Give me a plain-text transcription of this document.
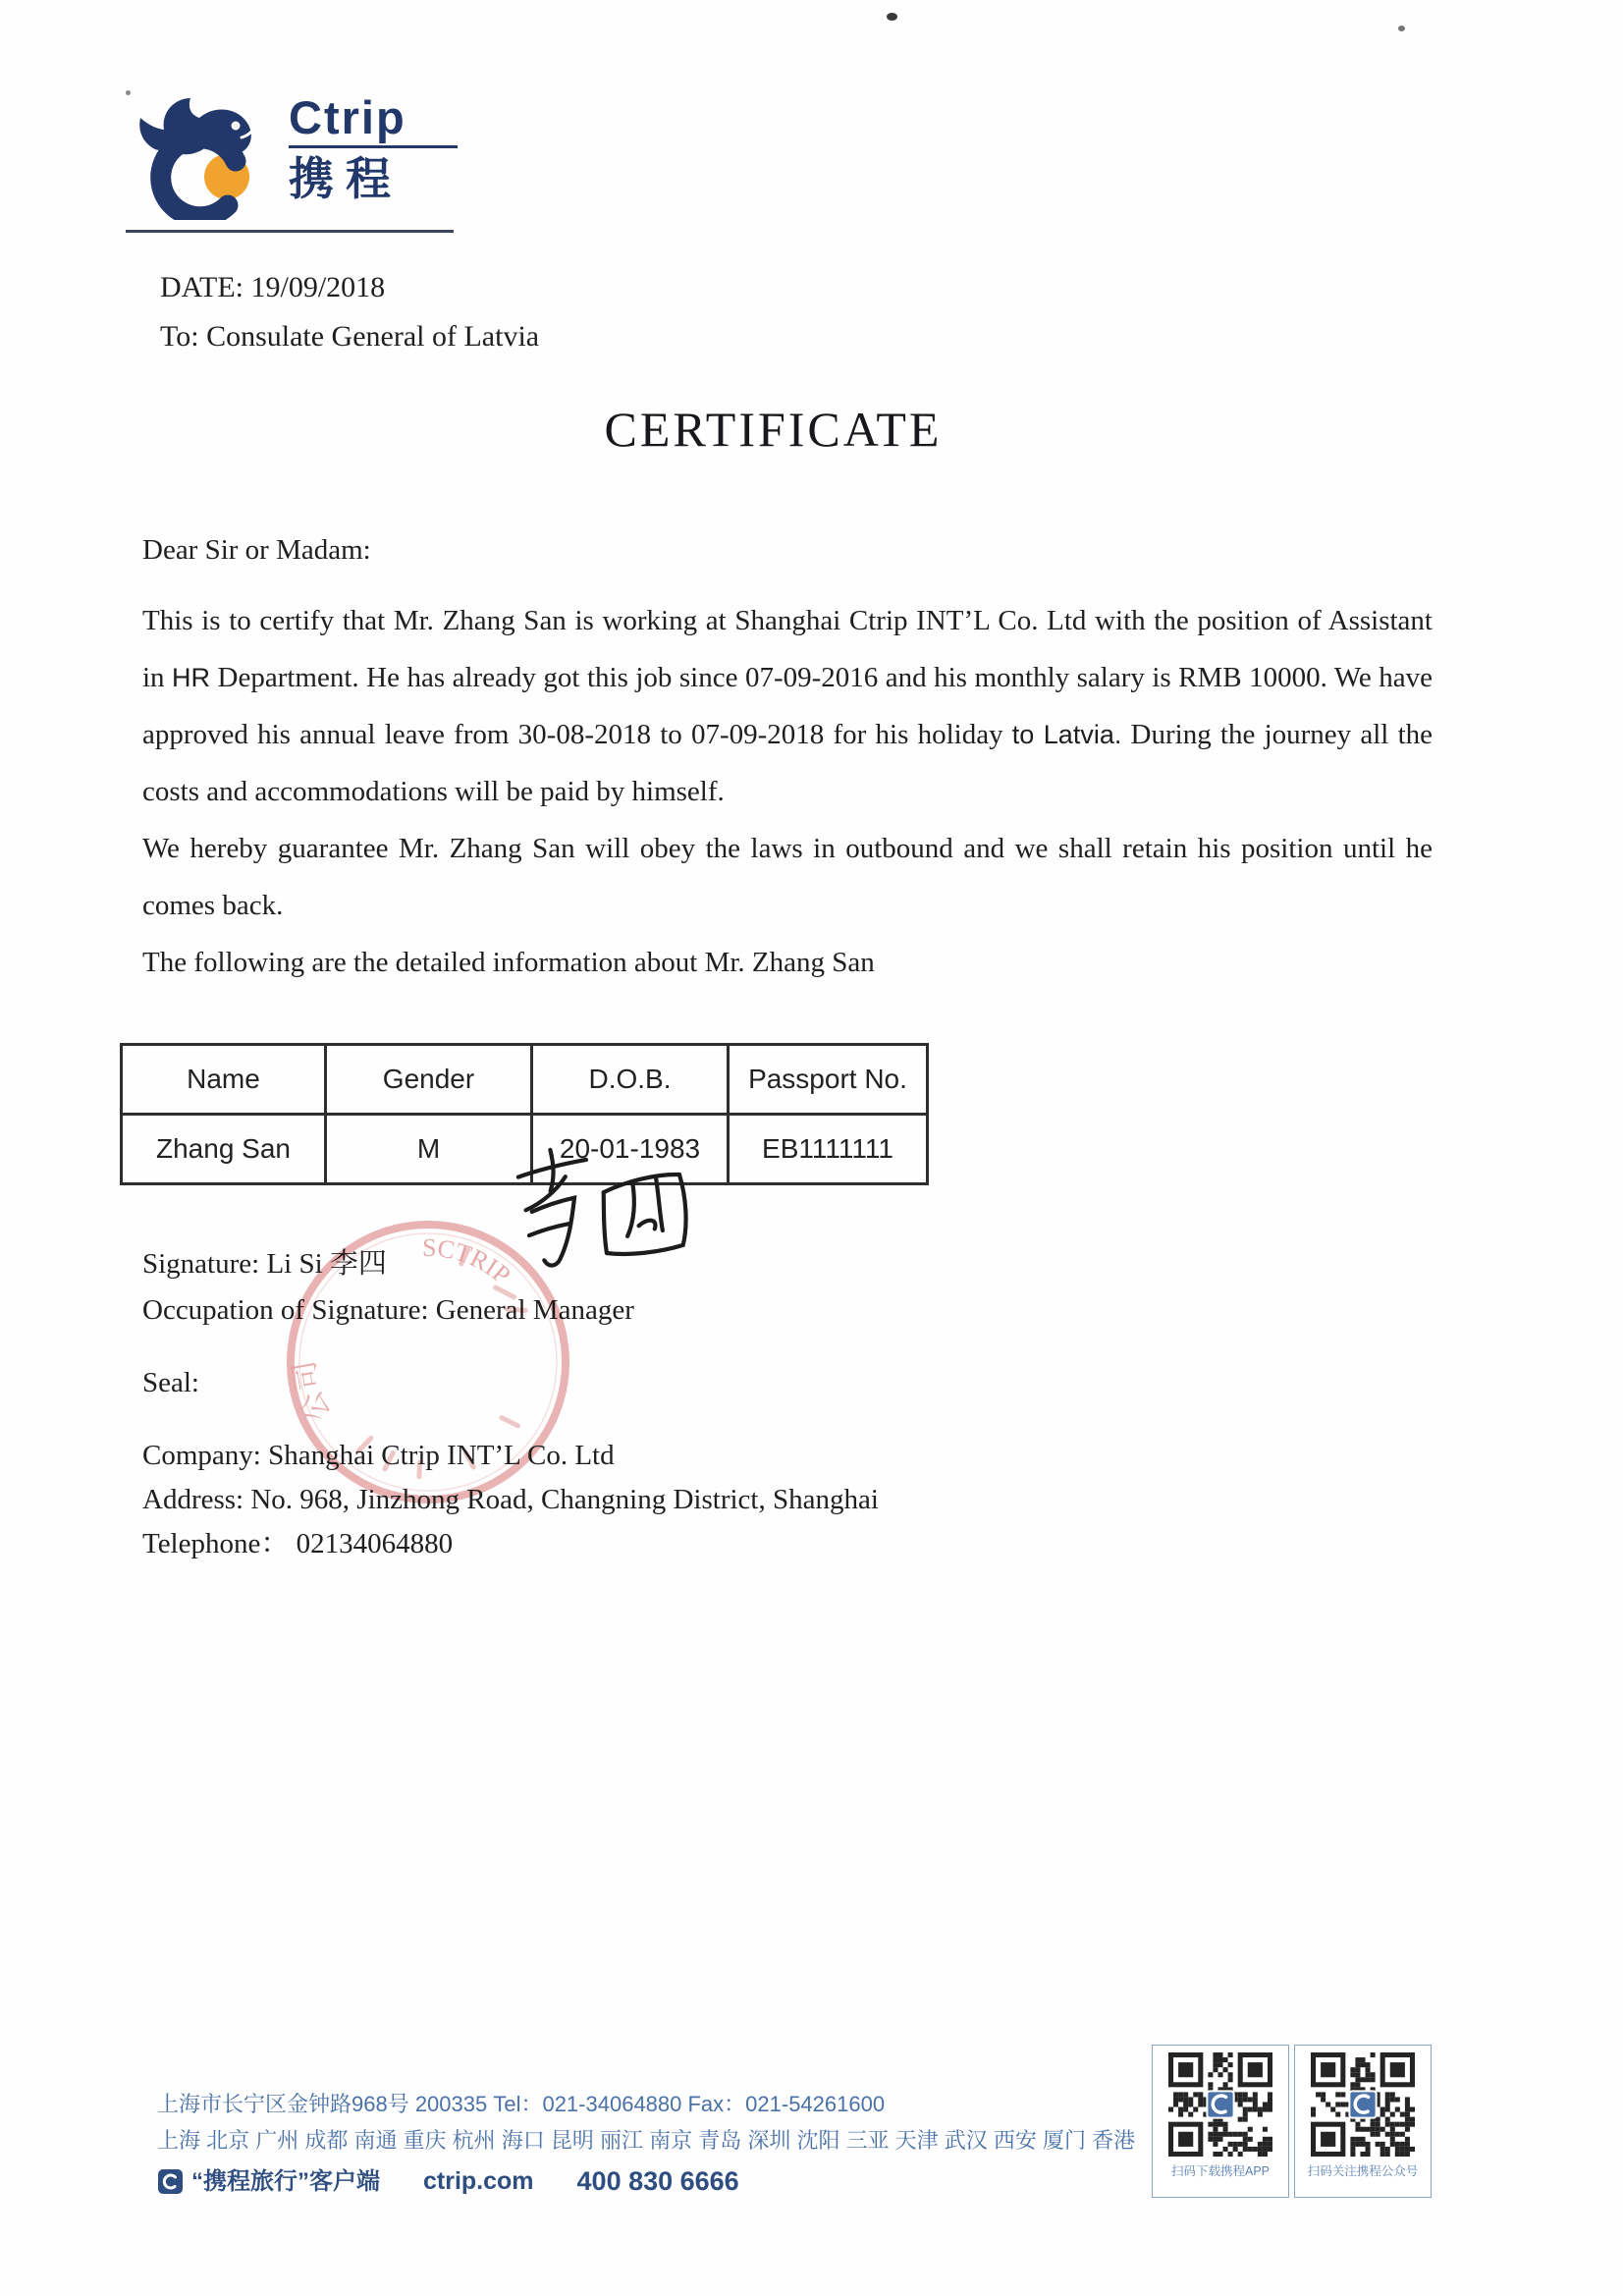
Ctrip
携程
DATE: 19/09/2018
To: Consulate General of Latvia
CERTIFICATE
Dear Sir or Madam:
This is to certify that Mr. Zhang San is working at Shanghai Ctrip INT’L Co. Ltd with the position of Assistant in HR Department. He has already got this job since 07-09-2016 and his monthly salary is RMB 10000. We have approved his annual leave from 30-08-2018 to 07-09-2018 for his holiday to Latvia. During the journey all the costs and accommodations will be paid by himself.
We hereby guarantee Mr. Zhang San will obey the laws in outbound and we shall retain his position until he comes back.
The following are the detailed information about Mr. Zhang San
Name	Gender	D.O.B.	Passport No.
Zhang San	M	20-01-1983	EB1111111
Signature: Li Si 李四
Occupation of Signature: General Manager
Seal:
SCTRIP
公司
Company: Shanghai Ctrip INT’L Co. Ltd
Address: No. 968, Jinzhong Road, Changning District, Shanghai
Telephone： 02134064880
上海市长宁区金钟路968号 200335 Tel：021-34064880 Fax：021-54261600
上海 北京 广州 成都 南通 重庆 杭州 海口 昆明 丽江 南京 青岛 深圳 沈阳 三亚 天津 武汉 西安 厦门 香港
“携程旅行”客户端 ctrip.com 400 830 6666	扫码下载携程APP	扫码关注携程公众号
